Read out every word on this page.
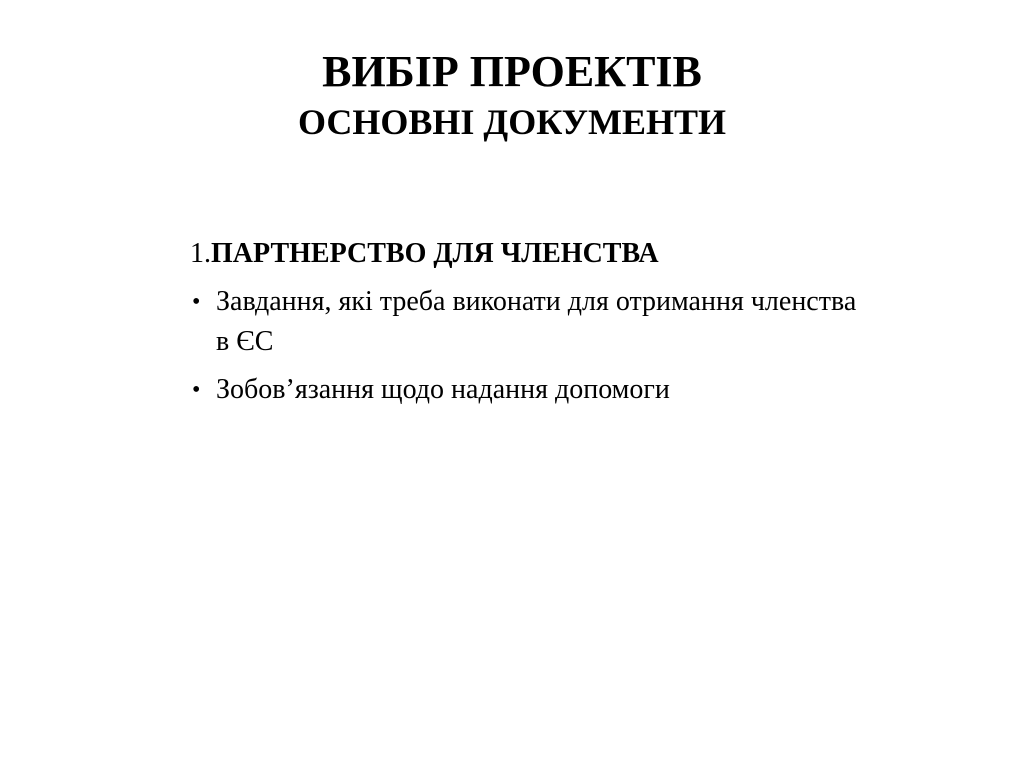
ВИБІР ПРОЕКТІВ
ОСНОВНІ ДОКУМЕНТИ
1.ПАРТНЕРСТВО ДЛЯ ЧЛЕНСТВА
• Завдання, які треба виконати для отримання членства в ЄС
• Зобов’язання щодо надання допомоги
